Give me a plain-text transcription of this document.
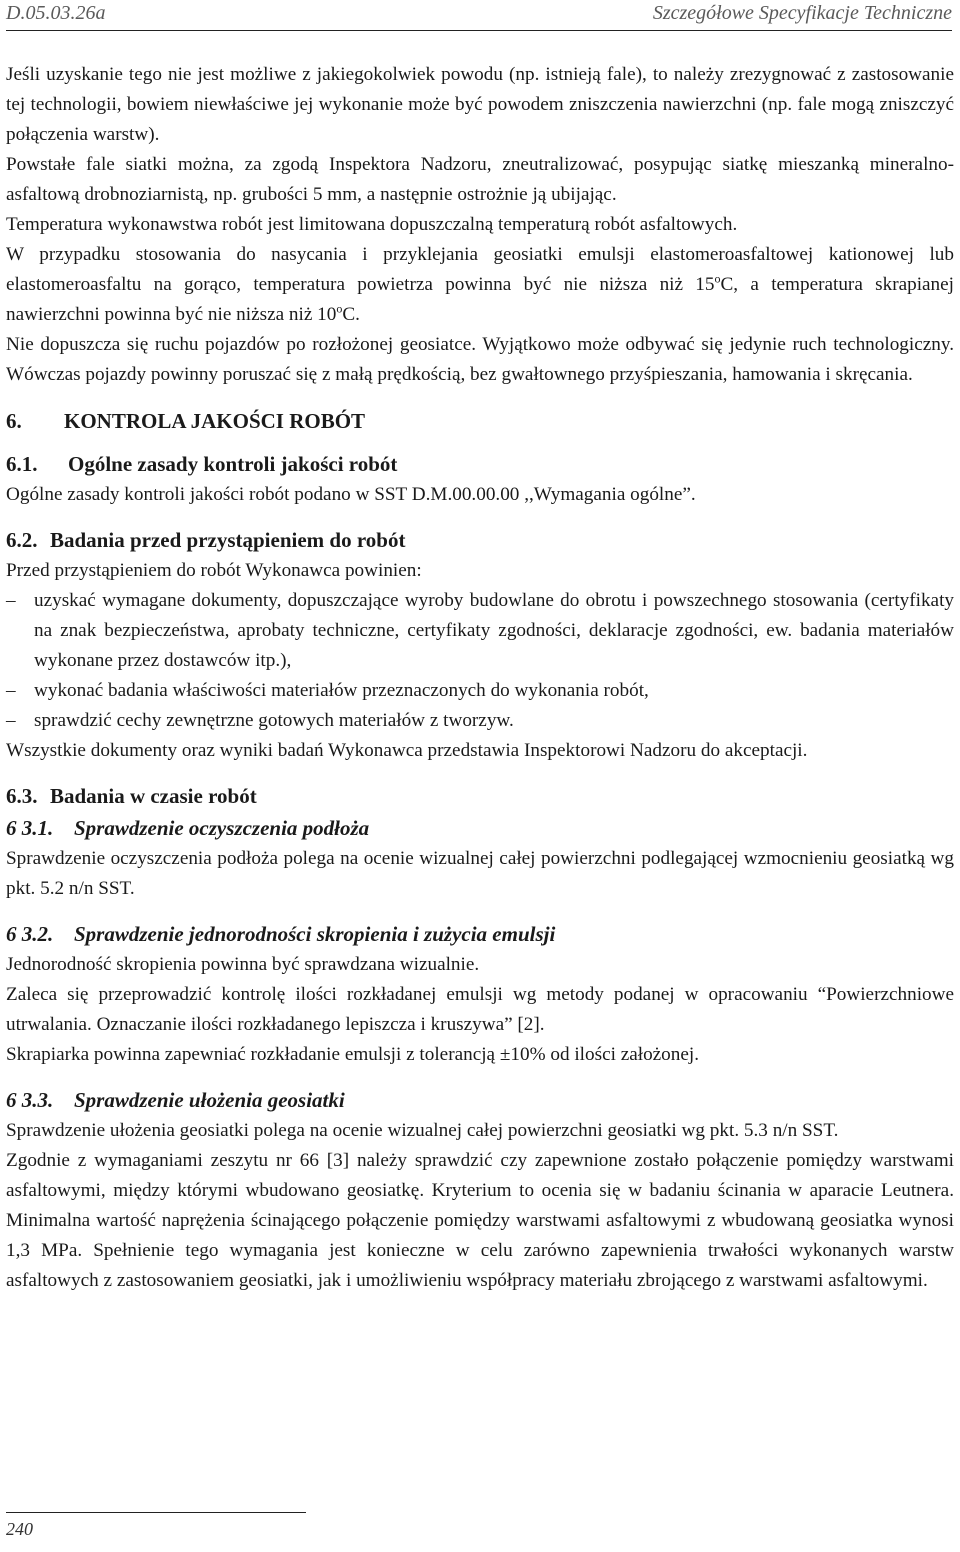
D.05.03.26a	Szczegółowe Specyfikacje Techniczne

Jeśli uzyskanie tego nie jest możliwe z jakiegokolwiek powodu (np. istnieją fale), to należy zrezygnować z zastosowanie tej technologii, bowiem niewłaściwe jej wykonanie może być powodem zniszczenia nawierzchni (np. fale mogą zniszczyć połączenia warstw).

Powstałe fale siatki można, za zgodą Inspektora Nadzoru, zneutralizować, posypując siatkę mieszanką mineralno-asfaltową drobnoziarnistą, np. grubości 5 mm, a następnie ostrożnie ją ubijając.

Temperatura wykonawstwa robót jest limitowana dopuszczalną temperaturą robót asfaltowych.

W przypadku stosowania do nasycania i przyklejania geosiatki emulsji elastomeroasfaltowej kationowej lub elastomeroasfaltu na gorąco, temperatura powietrza powinna być nie niższa niż 15$^o$C, a temperatura skrapianej nawierzchni powinna być nie niższa niż 10$^o$C.

Nie dopuszcza się ruchu pojazdów po rozłożonej geosiatce. Wyjątkowo może odbywać się jedynie ruch technologiczny. Wówczas pojazdy powinny poruszać się z małą prędkością, bez gwałtownego przyśpieszania, hamowania i skręcania.

6. KONTROLA JAKOŚCI ROBÓT
6.1. Ogólne zasady kontroli jakości robót

Ogólne zasady kontroli jakości robót podano w SST D.M.00.00.00 ,,Wymagania ogólne”.

6.2. Badania przed przystąpieniem do robót

Przed przystąpieniem do robót Wykonawca powinien:

– uzyskać wymagane dokumenty, dopuszczające wyroby budowlane do obrotu i powszechnego stosowania (certyfikaty na znak bezpieczeństwa, aprobaty techniczne, certyfikaty zgodności, deklaracje zgodności, ew. badania materiałów wykonane przez dostawców itp.),

– wykonać badania właściwości materiałów przeznaczonych do wykonania robót,

– sprawdzić cechy zewnętrzne gotowych materiałów z tworzyw.

Wszystkie dokumenty oraz wyniki badań Wykonawca przedstawia Inspektorowi Nadzoru do akceptacji.

6.3. Badania w czasie robót
6 3.1. Sprawdzenie oczyszczenia podłoża

Sprawdzenie oczyszczenia podłoża polega na ocenie wizualnej całej powierzchni podlegającej wzmocnieniu geosiatką wg pkt. 5.2 n/n SST.

6 3.2. Sprawdzenie jednorodności skropienia i zużycia emulsji

Jednorodność skropienia powinna być sprawdzana wizualnie.

Zaleca się przeprowadzić kontrolę ilości rozkładanej emulsji wg metody podanej w opracowaniu “Powierzchniowe utrwalania. Oznaczanie ilości rozkładanego lepiszcza i kruszywa” [2].

Skrapiarka powinna zapewniać rozkładanie emulsji z tolerancją ±10% od ilości założonej.

6 3.3. Sprawdzenie ułożenia geosiatki

Sprawdzenie ułożenia geosiatki polega na ocenie wizualnej całej powierzchni geosiatki wg pkt. 5.3 n/n SST.

Zgodnie z wymaganiami zeszytu nr 66 [3] należy sprawdzić czy zapewnione zostało połączenie pomiędzy warstwami asfaltowymi, między którymi wbudowano geosiatkę. Kryterium to ocenia się w badaniu ścinania w aparacie Leutnera. Minimalna wartość naprężenia ścinającego połączenie pomiędzy warstwami asfaltowymi z wbudowaną geosiatka wynosi 1,3 MPa. Spełnienie tego wymagania jest konieczne w celu zarówno zapewnienia trwałości wykonanych warstw asfaltowych z zastosowaniem geosiatki, jak i umożliwieniu współpracy materiału zbrojącego z warstwami asfaltowymi.

240
